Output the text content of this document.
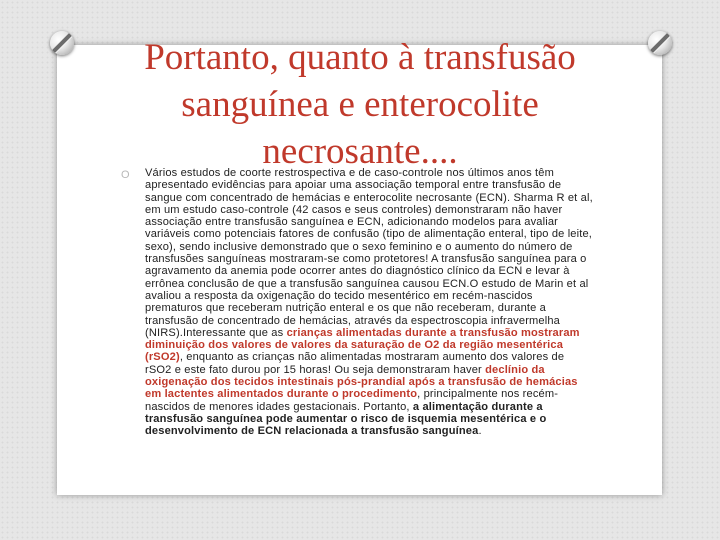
Portanto, quanto à transfusão sanguínea e enterocolite necrosante....
O Vários estudos de coorte restrospectiva e de caso-controle nos últimos anos têm apresentado evidências para apoiar uma associação temporal entre transfusão de sangue com concentrado de hemácias e enterocolite necrosante (ECN). Sharma R et al, em um estudo caso-controle (42 casos e seus controles) demonstraram não haver associação entre transfusão sanguínea e ECN, adicionando modelos para avaliar variáveis como potenciais fatores de confusão (tipo de alimentação enteral, tipo de leite, sexo), sendo inclusive demonstrado que o sexo feminino e o aumento do número de transfusões sanguíneas mostraram-se como protetores! A transfusão sanguínea para o agravamento da anemia pode ocorrer antes do diagnóstico clínico da ECN e levar à errônea conclusão de que a transfusão sanguínea causou ECN.O estudo de Marin et al avaliou a resposta da oxigenação do tecido mesentérico em recém-nascidos prematuros que receberam nutrição enteral e os que não receberam, durante a transfusão de concentrado de hemácias, através da espectroscopia infravermelha (NIRS).Interessante que as crianças alimentadas durante a transfusão mostraram diminuição dos valores de valores da saturação de O2 da região mesentérica (rSO2), enquanto as crianças não alimentadas mostraram aumento dos valores de rSO2 e este fato durou por 15 horas! Ou seja demonstraram haver declínio da oxigenação dos tecidos intestinais pós-prandial após a transfusão de hemácias em lactentes alimentados durante o procedimento, principalmente nos recém-nascidos de menores idades gestacionais. Portanto, a alimentação durante a transfusão sanguínea pode aumentar o risco de isquemia mesentérica e o desenvolvimento de ECN relacionada a transfusão sanguínea.
